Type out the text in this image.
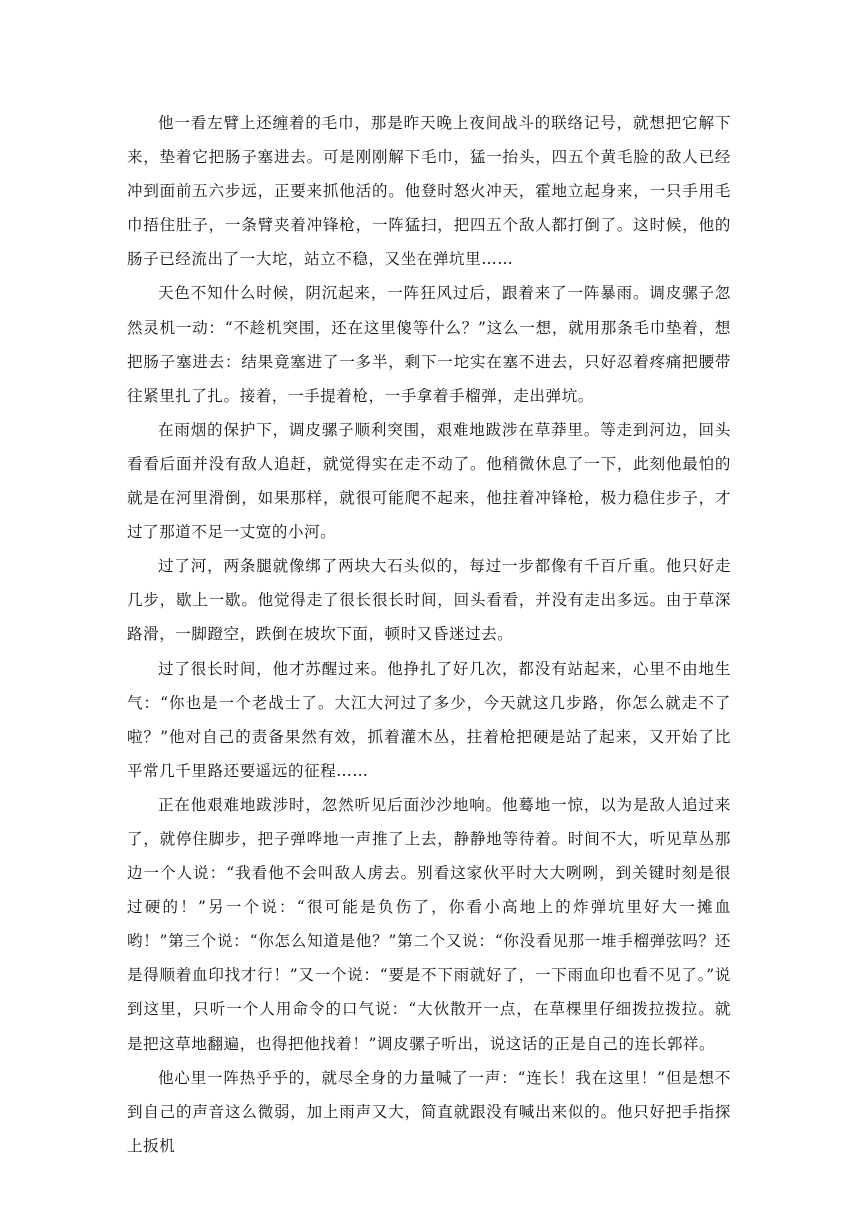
他一看左臂上还缠着的毛巾，那是昨天晚上夜间战斗的联络记号，就想把它解下来，垫着它把肠子塞进去。可是刚刚解下毛巾，猛一抬头，四五个黄毛脸的敌人已经冲到面前五六步远，正要来抓他活的。他登时怒火冲天，霍地立起身来，一只手用毛巾捂住肚子，一条臂夹着冲锋枪，一阵猛扫，把四五个敌人都打倒了。这时候，他的肠子已经流出了一大坨，站立不稳，又坐在弹坑里……

天色不知什么时候，阴沉起来，一阵狂风过后，跟着来了一阵暴雨。调皮骡子忽然灵机一动：“不趁机突围，还在这里傻等什么？”这么一想，就用那条毛巾垫着，想把肠子塞进去：结果竟塞进了一多半，剩下一坨实在塞不进去，只好忍着疼痛把腰带往紧里扎了扎。接着，一手提着枪，一手拿着手榴弹，走出弹坑。

在雨烟的保护下，调皮骡子顺利突围，艰难地跋涉在草莽里。等走到河边，回头看看后面并没有敌人追赶，就觉得实在走不动了。他稍微休息了一下，此刻他最怕的就是在河里滑倒，如果那样，就很可能爬不起来，他拄着冲锋枪，极力稳住步子，才过了那道不足一丈宽的小河。

过了河，两条腿就像绑了两块大石头似的，每过一步都像有千百斤重。他只好走几步，歇上一歇。他觉得走了很长很长时间，回头看看，并没有走出多远。由于草深路滑，一脚蹬空，跌倒在坡坎下面，顿时又昏迷过去。

过了很长时间，他才苏醒过来。他挣扎了好几次，都没有站起来，心里不由地生气：“你也是一个老战士了。大江大河过了多少，今天就这几步路，你怎么就走不了啦？”他对自己的责备果然有效，抓着灌木丛，拄着枪把硬是站了起来，又开始了比平常几千里路还要遥远的征程……

正在他艰难地跋涉时，忽然听见后面沙沙地响。他蓦地一惊，以为是敌人追过来了，就停住脚步，把子弹哗地一声推了上去，静静地等待着。时间不大，听见草丛那边一个人说：“我看他不会叫敌人虏去。别看这家伙平时大大咧咧，到关键时刻是很过硬的！”另一个说：“很可能是负伤了，你看小高地上的炸弹坑里好大一摊血哟！”第三个说：“你怎么知道是他？”第二个又说：“你没看见那一堆手榴弹弦吗？还是得顺着血印找才行！”又一个说：“要是不下雨就好了，一下雨血印也看不见了。”说到这里，只听一个人用命令的口气说：“大伙散开一点，在草棵里仔细拨拉拨拉。就是把这草地翻遍，也得把他找着！”调皮骡子听出，说这话的正是自己的连长郭祥。

他心里一阵热乎乎的，就尽全身的力量喊了一声：“连长！我在这里！”但是想不到自己的声音这么微弱，加上雨声又大，简直就跟没有喊出来似的。他只好把手指探上扳机
